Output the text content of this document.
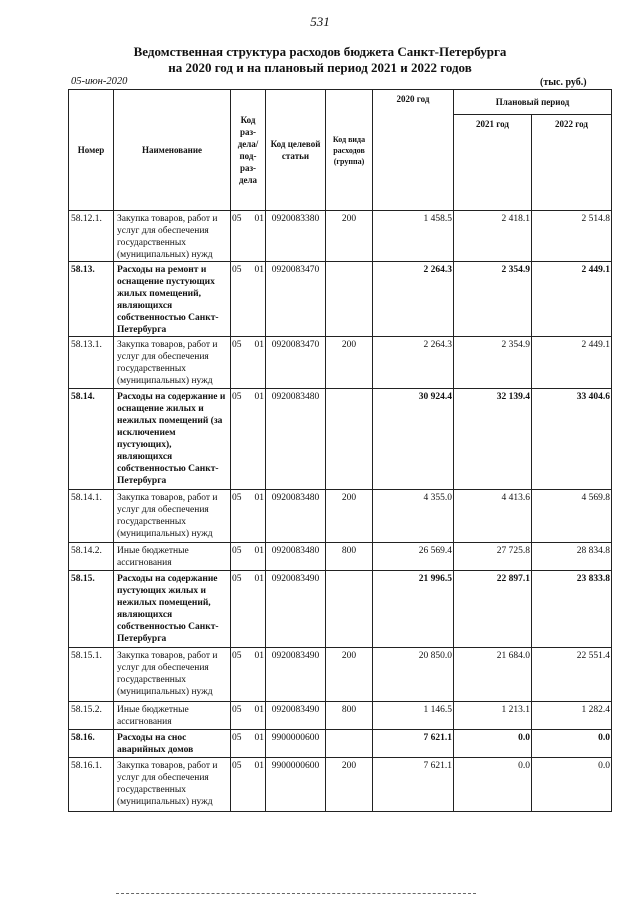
531
Ведомственная структура расходов бюджета Санкт-Петербурга
на 2020 год и на плановый период 2021 и 2022 годов
05-июн-2020	(тыс. руб.)
Номер	Наименование	Код раз-дела/ под-раз-дела		Код целевой статьи	Код вида расходов (группа)	2020 год	Плановый период	
							2021 год	2022 год
58.12.1.	Закупка товаров, работ и услуг для обеспечения государственных (муниципальных) нужд	05	01	0920083380	200	1 458.5	2 418.1	2 514.8
58.13.	Расходы на ремонт и оснащение пустующих жилых помещений, являющихся собственностью Санкт-Петербурга	05	01	0920083470		2 264.3	2 354.9	2 449.1
58.13.1.	Закупка товаров, работ и услуг для обеспечения государственных (муниципальных) нужд	05	01	0920083470	200	2 264.3	2 354.9	2 449.1
58.14.	Расходы на содержание и оснащение жилых и нежилых помещений (за исключением пустующих), являющихся собственностью Санкт-Петербурга	05	01	0920083480		30 924.4	32 139.4	33 404.6
58.14.1.	Закупка товаров, работ и услуг для обеспечения государственных (муниципальных) нужд	05	01	0920083480	200	4 355.0	4 413.6	4 569.8
58.14.2.	Иные бюджетные ассигнования	05	01	0920083480	800	26 569.4	27 725.8	28 834.8
58.15.	Расходы на содержание пустующих жилых и нежилых помещений, являющихся собственностью Санкт-Петербурга	05	01	0920083490		21 996.5	22 897.1	23 833.8
58.15.1.	Закупка товаров, работ и услуг для обеспечения государственных (муниципальных) нужд	05	01	0920083490	200	20 850.0	21 684.0	22 551.4
58.15.2.	Иные бюджетные ассигнования	05	01	0920083490	800	1 146.5	1 213.1	1 282.4
58.16.	Расходы на снос аварийных домов	05	01	9900000600		7 621.1	0.0	0.0
58.16.1.	Закупка товаров, работ и услуг для обеспечения государственных (муниципальных) нужд	05	01	9900000600	200	7 621.1	0.0	0.0
